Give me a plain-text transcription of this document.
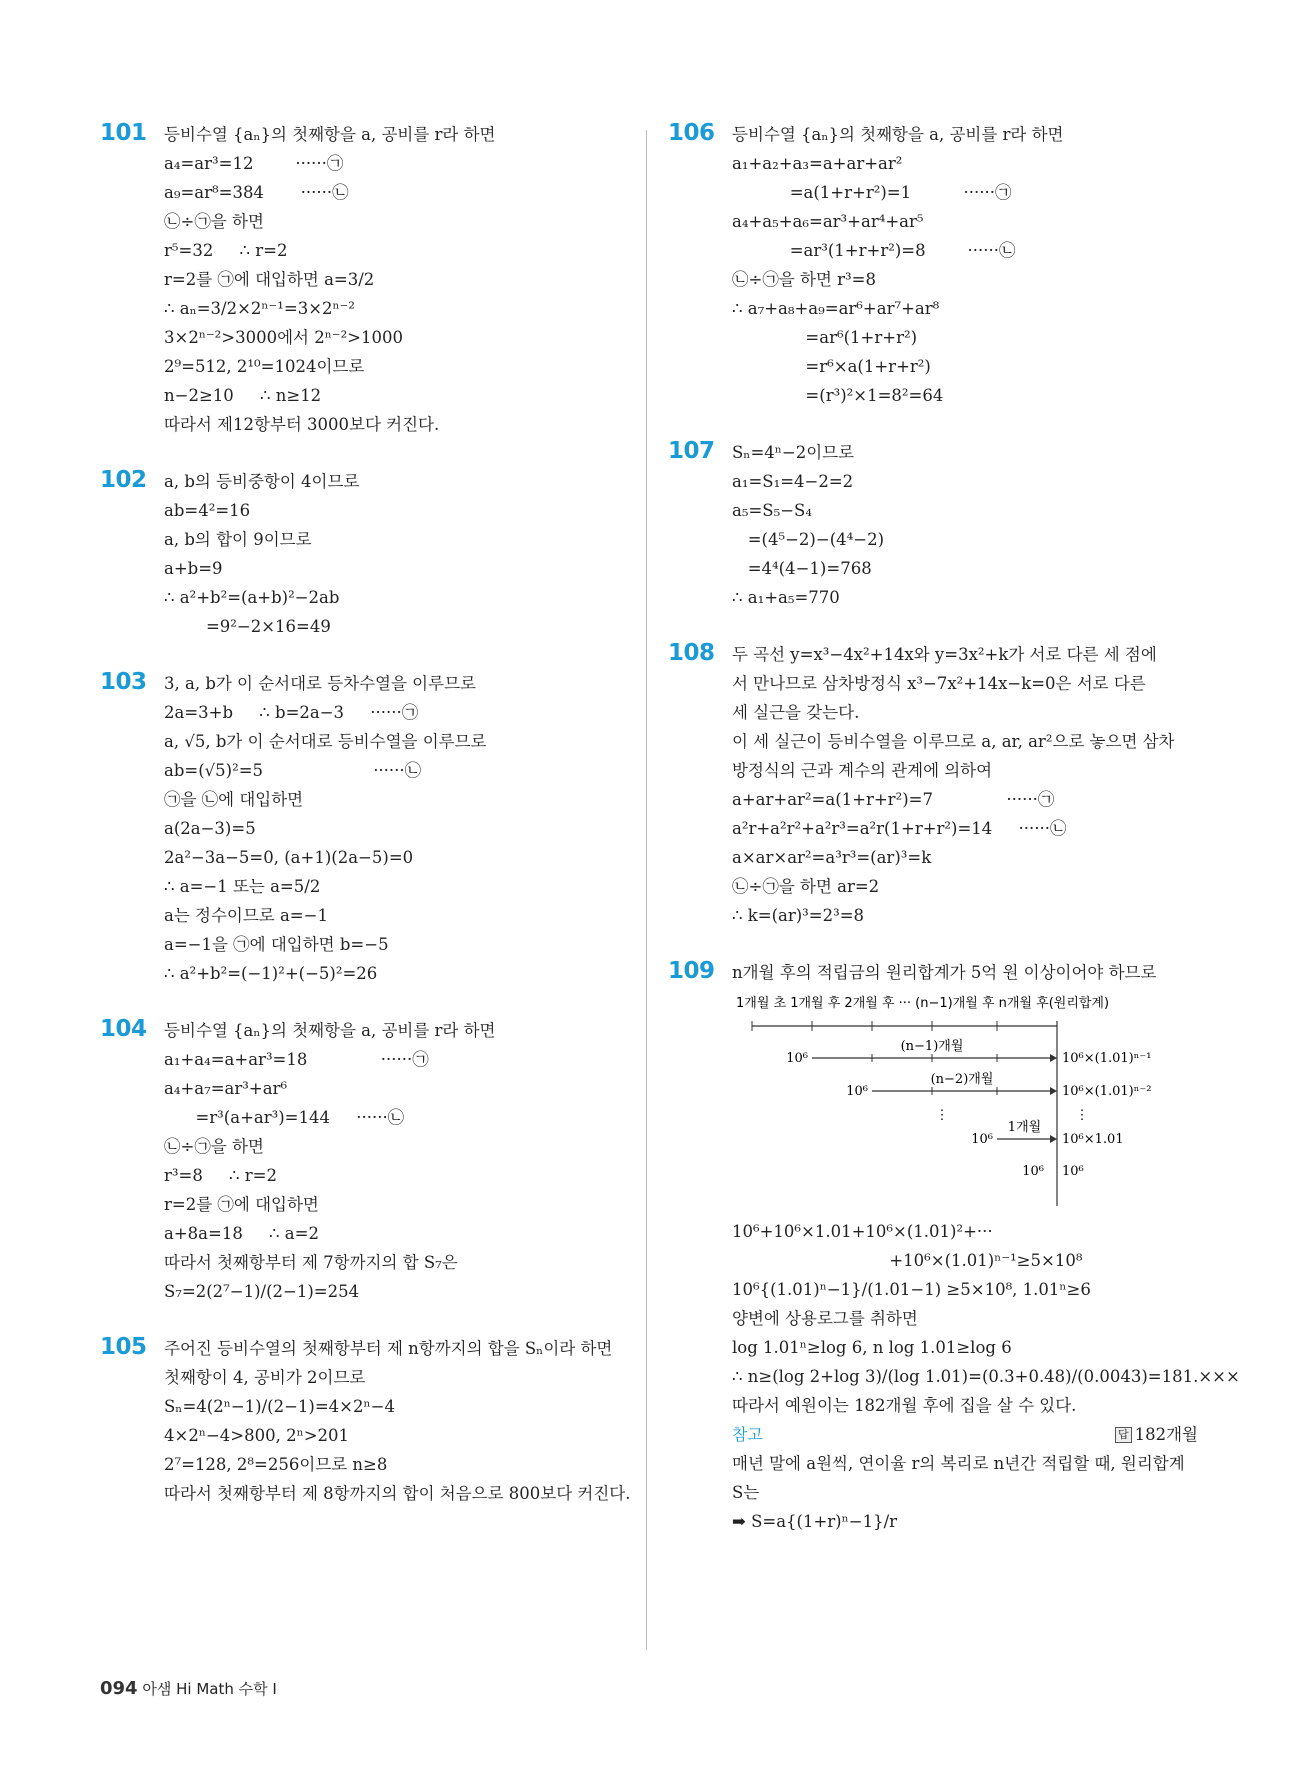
101 등비수열 {aₙ}의 첫째항을 a, 공비를 r라 하면
a₄=ar³=12        ······㉠
a₉=ar⁸=384       ······㉡
㉡÷㉠을 하면
r⁵=32     ∴ r=2
r=2를 ㉠에 대입하면 a=3/2
∴ aₙ=3/2×2ⁿ⁻¹=3×2ⁿ⁻²
3×2ⁿ⁻²>3000에서 2ⁿ⁻²>1000
2⁹=512, 2¹⁰=1024이므로
n−2≥10     ∴ n≥12
따라서 제12항부터 3000보다 커진다.
102 a, b의 등비중항이 4이므로
ab=4²=16
a, b의 합이 9이므로
a+b=9
∴ a²+b²=(a+b)²−2ab
=9²−2×16=49
103 3, a, b가 이 순서대로 등차수열을 이루므로
2a=3+b     ∴ b=2a−3     ······㉠
a, √5, b가 이 순서대로 등비수열을 이루므로
ab=(√5)²=5                     ······㉡
㉠을 ㉡에 대입하면
a(2a−3)=5
2a²−3a−5=0, (a+1)(2a−5)=0
∴ a=−1 또는 a=5/2
a는 정수이므로 a=−1
a=−1을 ㉠에 대입하면 b=−5
∴ a²+b²=(−1)²+(−5)²=26
104 등비수열 {aₙ}의 첫째항을 a, 공비를 r라 하면
a₁+a₄=a+ar³=18              ······㉠
a₄+a₇=ar³+ar⁶
=r³(a+ar³)=144     ······㉡
㉡÷㉠을 하면
r³=8     ∴ r=2
r=2를 ㉠에 대입하면
a+8a=18     ∴ a=2
따라서 첫째항부터 제 7항까지의 합 S₇은
S₇=2(2⁷−1)/(2−1)=254
105 주어진 등비수열의 첫째항부터 제 n항까지의 합을 Sₙ이라 하면
첫째항이 4, 공비가 2이므로
Sₙ=4(2ⁿ−1)/(2−1)=4×2ⁿ−4
4×2ⁿ−4>800, 2ⁿ>201
2⁷=128, 2⁸=256이므로 n≥8
따라서 첫째항부터 제 8항까지의 합이 처음으로 800보다 커진다.
106 등비수열 {aₙ}의 첫째항을 a, 공비를 r라 하면
a₁+a₂+a₃=a+ar+ar²
=a(1+r+r²)=1          ······㉠
a₄+a₅+a₆=ar³+ar⁴+ar⁵
=ar³(1+r+r²)=8        ······㉡
㉡÷㉠을 하면 r³=8
∴ a₇+a₈+a₉=ar⁶+ar⁷+ar⁸
=ar⁶(1+r+r²)
=r⁶×a(1+r+r²)
=(r³)²×1=8²=64
107 Sₙ=4ⁿ−2이므로
a₁=S₁=4−2=2
a₅=S₅−S₄
=(4⁵−2)−(4⁴−2)
=4⁴(4−1)=768
∴ a₁+a₅=770
108 두 곡선 y=x³−4x²+14x와 y=3x²+k가 서로 다른 세 점에
서 만나므로 삼차방정식 x³−7x²+14x−k=0은 서로 다른
세 실근을 갖는다.
이 세 실근이 등비수열을 이루므로 a, ar, ar²으로 놓으면 삼차
방정식의 근과 계수의 관계에 의하여
a+ar+ar²=a(1+r+r²)=7              ······㉠
a²r+a²r²+a²r³=a²r(1+r+r²)=14     ······㉡
a×ar×ar²=a³r³=(ar)³=k
㉡÷㉠을 하면 ar=2
∴ k=(ar)³=2³=8
109 n개월 후의 적립금의 원리합계가 5억 원 이상이어야 하므로
1개월 초 1개월 후 2개월 후 ··· (n−1)개월 후 n개월 후(원리합계)
10⁶
(n−1)개월
10⁶×(1.01)ⁿ⁻¹
10⁶
(n−2)개월
10⁶×(1.01)ⁿ⁻²
⋮	⋮
10⁶
1개월
10⁶×1.01
10⁶ 10⁶
10⁶+10⁶×1.01+10⁶×(1.01)²+···
+10⁶×(1.01)ⁿ⁻¹≥5×10⁸
10⁶{(1.01)ⁿ−1}/(1.01−1) ≥5×10⁸, 1.01ⁿ≥6
양변에 상용로그를 취하면
log 1.01ⁿ≥log 6, n log 1.01≥log 6
∴ n≥(log 2+log 3)/(log 1.01)=(0.3+0.48)/(0.0043)=181.×××
따라서 예원이는 182개월 후에 집을 살 수 있다.
답 182개월
참고
매년 말에 a원씩, 연이율 r의 복리로 n년간 적립할 때, 원리합계
S는
➡ S=a{(1+r)ⁿ−1}/r
094 아샘 Hi Math 수학 Ⅰ
